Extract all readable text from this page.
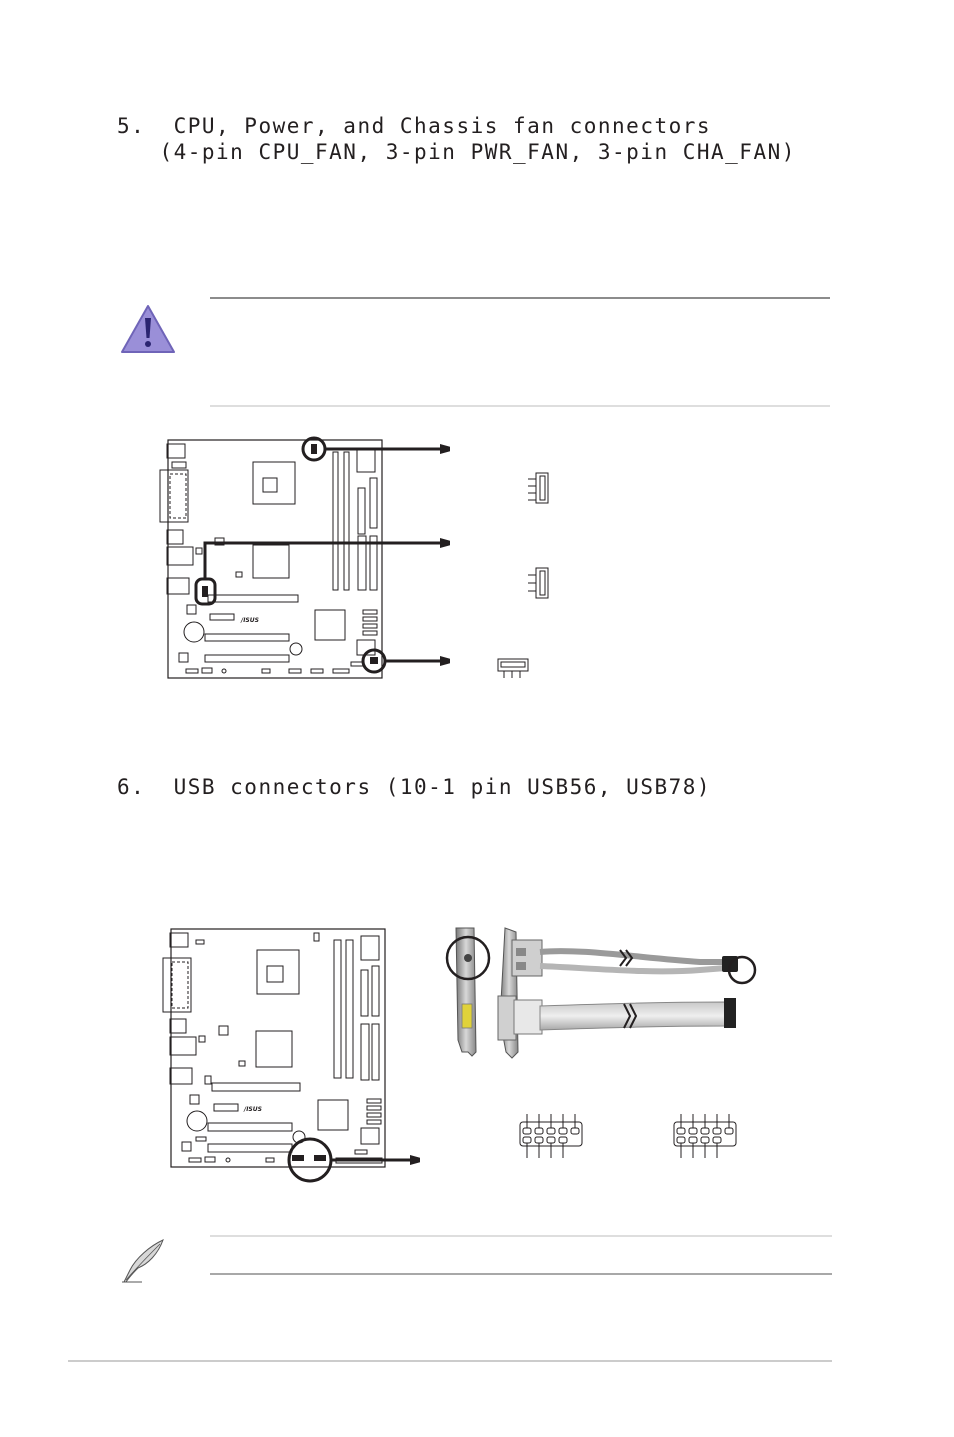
5. CPU, Power, and Chassis fan connectors
(4-pin CPU_FAN, 3-pin PWR_FAN, 3-pin CHA_FAN)
6. USB connectors (10-1 pin USB56, USB78)
/ISUS
/ISUS
